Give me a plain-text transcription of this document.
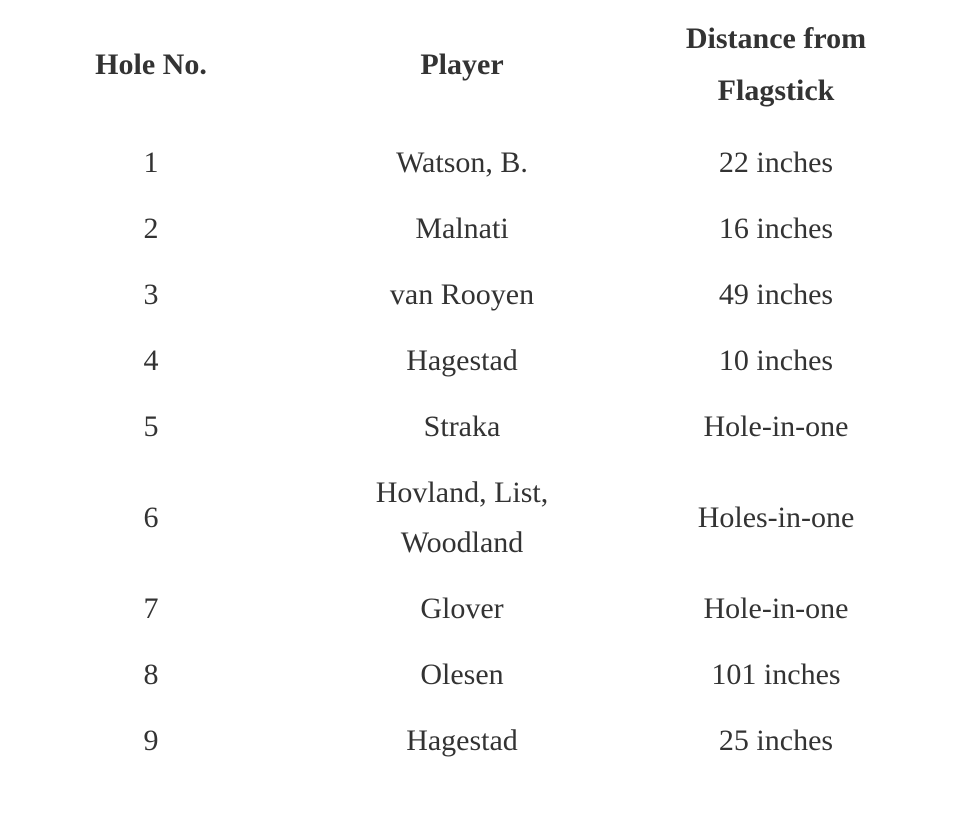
Hole No.	Player	Distance from Flagstick
1	Watson, B.	22 inches
2	Malnati	16 inches
3	van Rooyen	49 inches
4	Hagestad	10 inches
5	Straka	Hole-in-one
6	Hovland, List, Woodland	Holes-in-one
7	Glover	Hole-in-one
8	Olesen	101 inches
9	Hagestad	25 inches
